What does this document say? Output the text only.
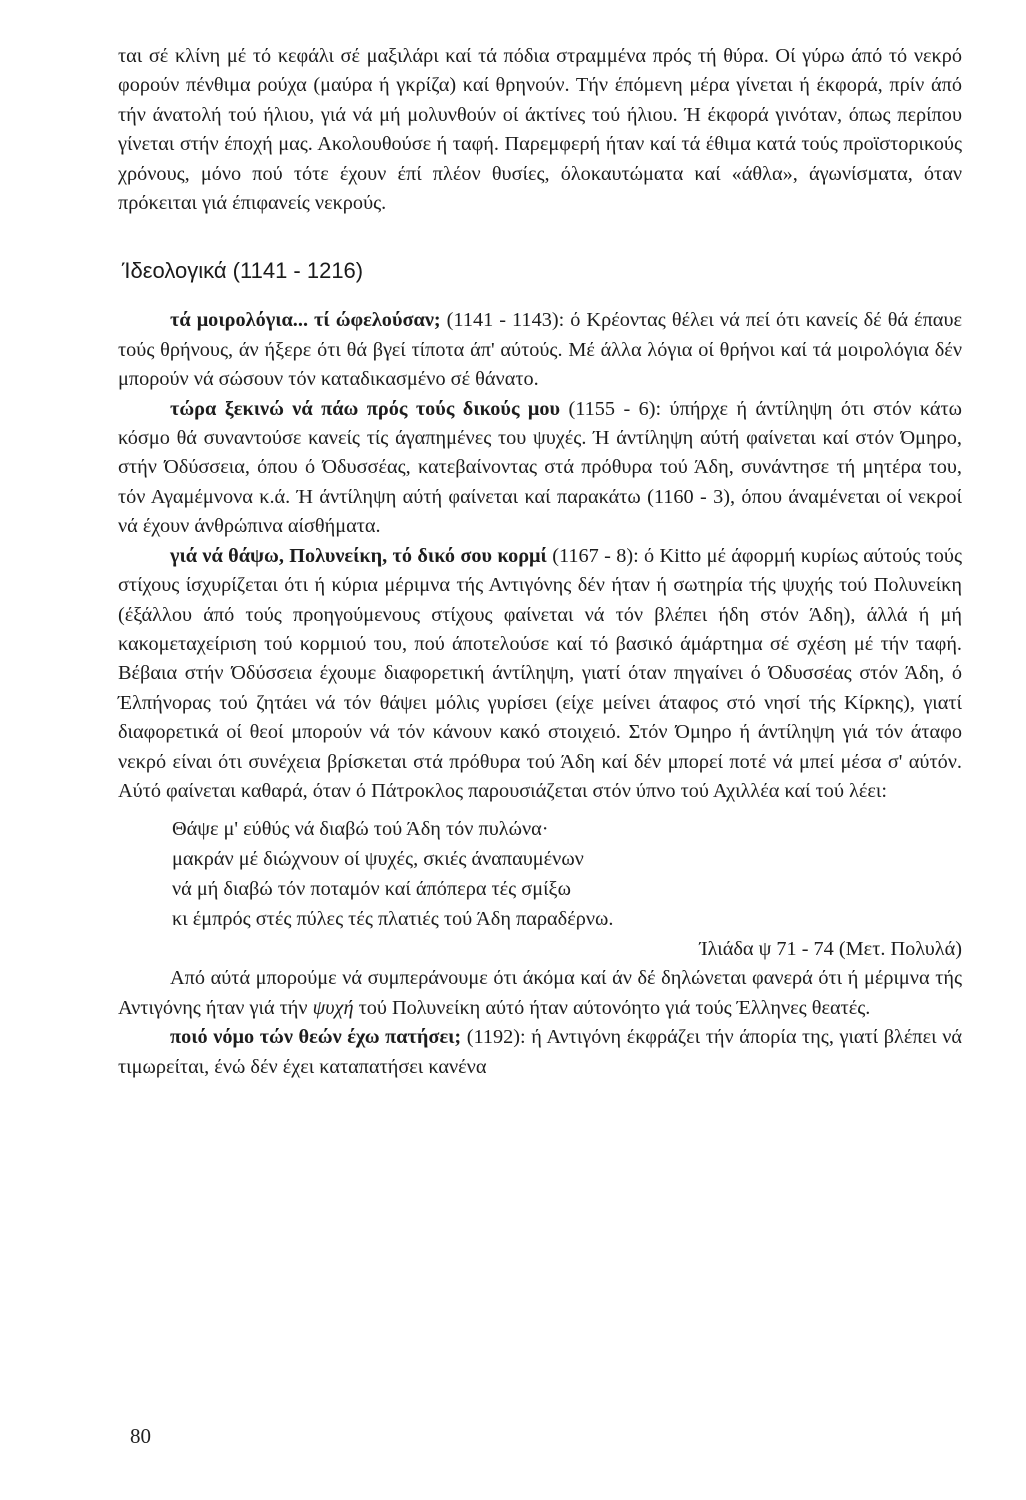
ται σέ κλίνη μέ τό κεφάλι σέ μαξιλάρι καί τά πόδια στραμμένα πρός τή θύρα. Οί γύρω άπό τό νεκρό φορούν πένθιμα ρούχα (μαύρα ή γκρίζα) καί θρηνούν. Τήν έπόμενη μέρα γίνεται ή έκφορά, πρίν άπό τήν άνατολή τού ήλιου, γιά νά μή μολυνθούν οί άκτίνες τού ήλιου. Ή έκφορά γινόταν, όπως περίπου γίνεται στήν έποχή μας. Ακολουθούσε ή ταφή. Παρεμφερή ήταν καί τά έθιμα κατά τούς προϊστορικούς χρόνους, μόνο πού τότε έχουν έπί πλέον θυσίες, όλοκαυτώματα καί «άθλα», άγωνίσματα, όταν πρόκειται γιά έπιφανείς νεκρούς.

Ίδεολογικά (1141 - 1216)

τά μοιρολόγια... τί ώφελούσαν; (1141 - 1143): ό Κρέοντας θέλει νά πεί ότι κανείς δέ θά έπαυε τούς θρήνους, άν ήξερε ότι θά βγεί τίποτα άπ' αύτούς. Μέ άλλα λόγια οί θρήνοι καί τά μοιρολόγια δέν μπορούν νά σώσουν τόν καταδικασμένο σέ θάνατο.

τώρα ξεκινώ νά πάω πρός τούς δικούς μου (1155 - 6): ύπήρχε ή άντίληψη ότι στόν κάτω κόσμο θά συναντούσε κανείς τίς άγαπημένες του ψυχές. Ή άντίληψη αύτή φαίνεται καί στόν Όμηρο, στήν Όδύσσεια, όπου ό Όδυσσέας, κατεβαίνοντας στά πρόθυρα τού Άδη, συνάντησε τή μητέρα του, τόν Αγαμέμνονα κ.ά. Ή άντίληψη αύτή φαίνεται καί παρακάτω (1160 - 3), όπου άναμένεται οί νεκροί νά έχουν άνθρώπινα αίσθήματα.

γιά νά θάψω, Πολυνείκη, τό δικό σου κορμί (1167 - 8): ό Kitto μέ άφορμή κυρίως αύτούς τούς στίχους ίσχυρίζεται ότι ή κύρια μέριμνα τής Αντιγόνης δέν ήταν ή σωτηρία τής ψυχής τού Πολυνείκη (έξάλλου άπό τούς προηγούμενους στίχους φαίνεται νά τόν βλέπει ήδη στόν Άδη), άλλά ή μή κακομεταχείριση τού κορμιού του, πού άποτελούσε καί τό βασικό άμάρτημα σέ σχέση μέ τήν ταφή. Βέβαια στήν Όδύσσεια έχουμε διαφορετική άντίληψη, γιατί όταν πηγαίνει ό Όδυσσέας στόν Άδη, ό Έλπήνορας τού ζητάει νά τόν θάψει μόλις γυρίσει (είχε μείνει άταφος στό νησί τής Κίρκης), γιατί διαφορετικά οί θεοί μπορούν νά τόν κάνουν κακό στοιχειό. Στόν Όμηρο ή άντίληψη γιά τόν άταφο νεκρό είναι ότι συνέχεια βρίσκεται στά πρόθυρα τού Άδη καί δέν μπορεί ποτέ νά μπεί μέσα σ' αύτόν. Αύτό φαίνεται καθαρά, όταν ό Πάτροκλος παρουσιάζεται στόν ύπνο τού Αχιλλέα καί τού λέει:

Θάψε μ' εύθύς νά διαβώ τού Άδη τόν πυλώνα·
μακράν μέ διώχνουν οί ψυχές, σκιές άναπαυμένων
νά μή διαβώ τόν ποταμόν καί άπόπερα τές σμίξω
κι έμπρός στές πύλες τές πλατιές τού Άδη παραδέρνω.

Ίλιάδα ψ 71 - 74 (Μετ. Πολυλά)

Από αύτά μπορούμε νά συμπεράνουμε ότι άκόμα καί άν δέ δηλώνεται φανερά ότι ή μέριμνα τής Αντιγόνης ήταν γιά τήν ψυχή τού Πολυνείκη αύτό ήταν αύτονόητο γιά τούς Έλληνες θεατές.

ποιό νόμο τών θεών έχω πατήσει; (1192): ή Αντιγόνη έκφράζει τήν άπορία της, γιατί βλέπει νά τιμωρείται, ένώ δέν έχει καταπατήσει κανένα

80
